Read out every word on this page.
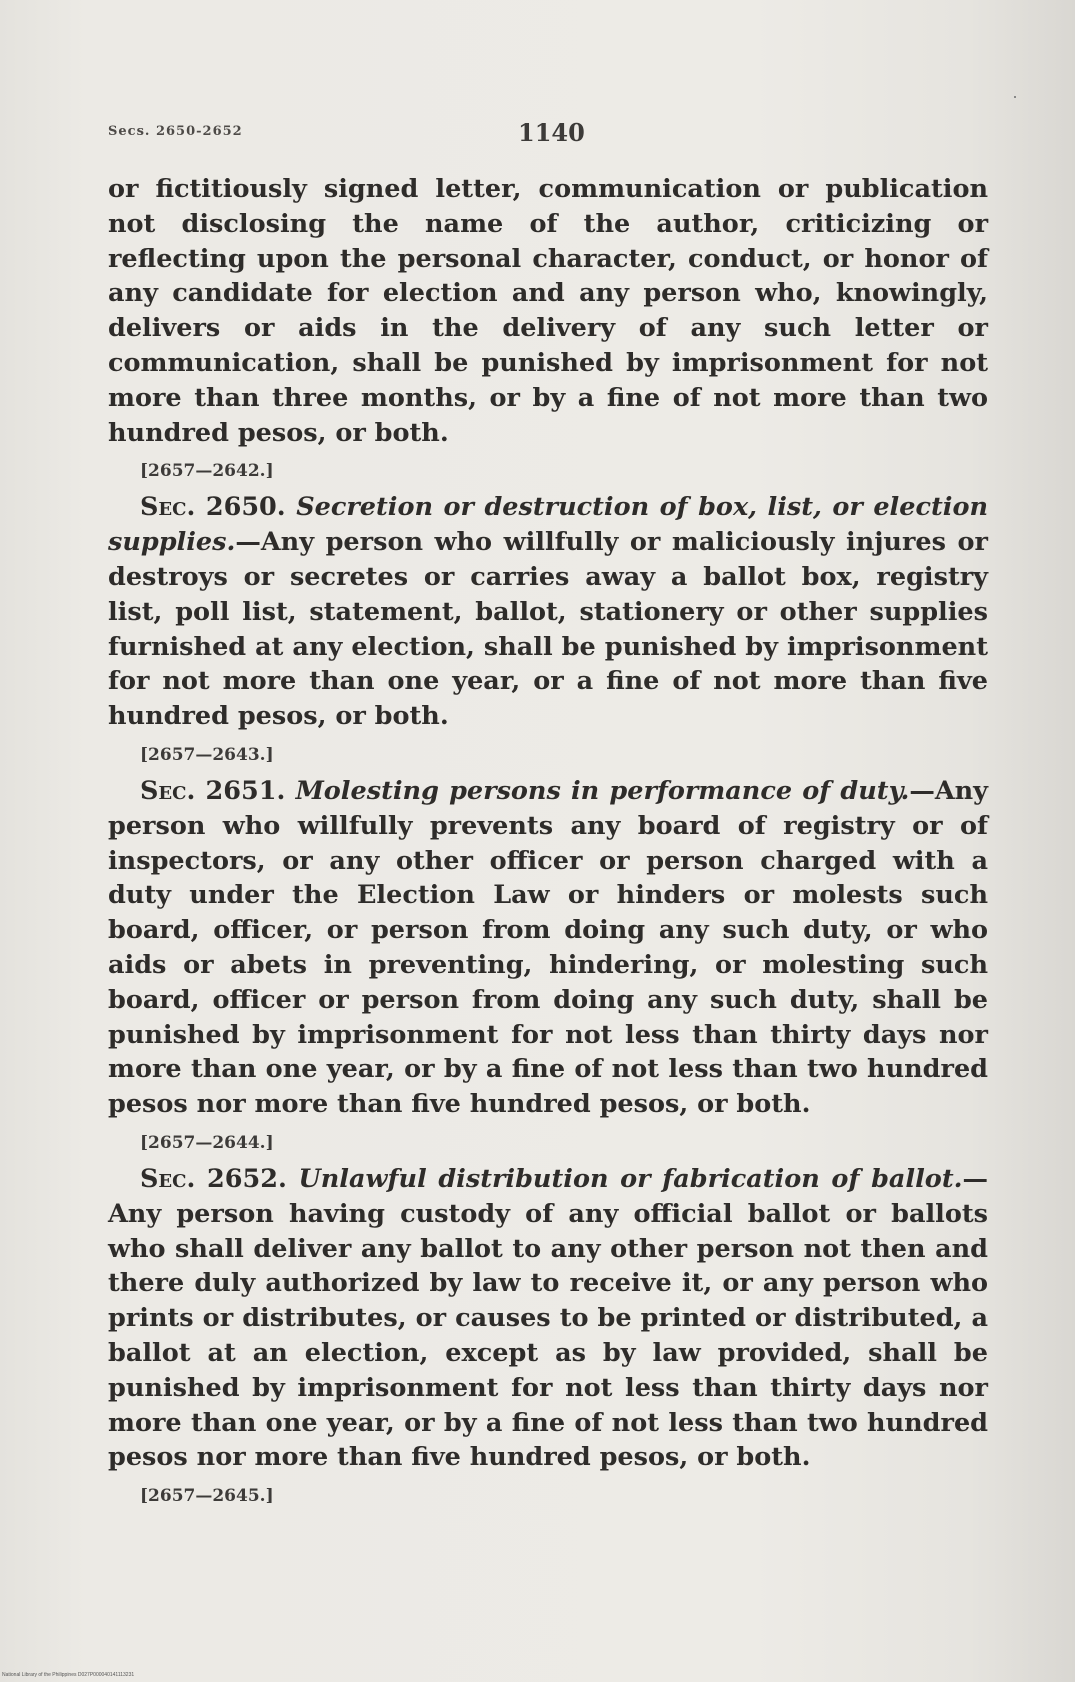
Secs. 2650-2652	1140

or fictitiously signed letter, communication or publication not disclosing the name of the author, criticizing or reflecting upon the personal character, conduct, or honor of any candidate for election and any person who, knowingly, delivers or aids in the delivery of any such letter or communication, shall be punished by imprisonment for not more than three months, or by a fine of not more than two hundred pesos, or both.

[2657—2642.]

Sec. 2650. Secretion or destruction of box, list, or election supplies.—Any person who willfully or maliciously injures or destroys or secretes or carries away a ballot box, registry list, poll list, statement, ballot, stationery or other supplies furnished at any election, shall be punished by imprisonment for not more than one year, or a fine of not more than five hundred pesos, or both.

[2657—2643.]

Sec. 2651. Molesting persons in performance of duty.—Any person who willfully prevents any board of registry or of inspectors, or any other officer or person charged with a duty under the Election Law or hinders or molests such board, officer, or person from doing any such duty, or who aids or abets in preventing, hindering, or molesting such board, officer or person from doing any such duty, shall be punished by imprisonment for not less than thirty days nor more than one year, or by a fine of not less than two hundred pesos nor more than five hundred pesos, or both.

[2657—2644.]

Sec. 2652. Unlawful distribution or fabrication of ballot.—Any person having custody of any official ballot or ballots who shall deliver any ballot to any other person not then and there duly authorized by law to receive it, or any person who prints or distributes, or causes to be printed or distributed, a ballot at an election, except as by law provided, shall be punished by imprisonment for not less than thirty days nor more than one year, or by a fine of not less than two hundred pesos nor more than five hundred pesos, or both.

[2657—2645.]
National Library of the Philippines D027P000040141113231
